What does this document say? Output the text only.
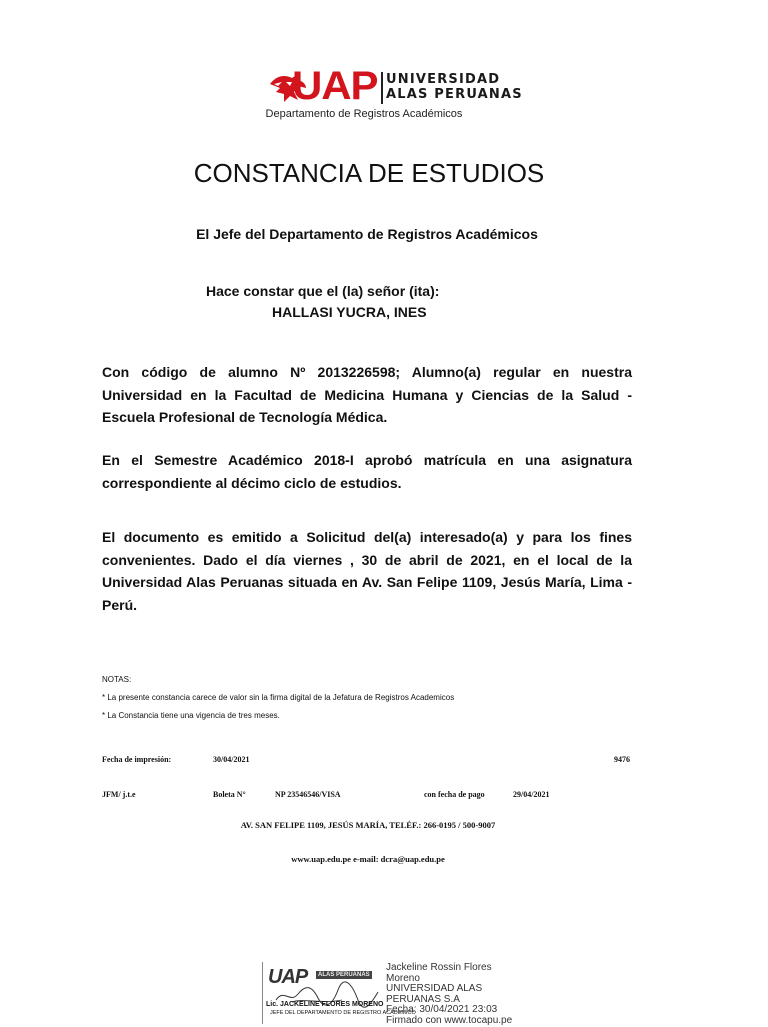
UAP UNIVERSIDAD
ALAS PERUANAS
Departamento de Registros Académicos
CONSTANCIA DE ESTUDIOS
El Jefe del Departamento de Registros Académicos
Hace constar que el (la) señor (ita):
HALLASI YUCRA, INES
Con código de alumno Nº 2013226598; Alumno(a) regular en nuestra Universidad en la Facultad de Medicina Humana y Ciencias de la Salud - Escuela Profesional de Tecnología Médica.
En el Semestre Académico 2018-I aprobó matrícula en una asignatura correspondiente al décimo ciclo de estudios.
El documento es emitido a Solicitud del(a) interesado(a) y para los fines convenientes. Dado el día viernes , 30 de abril de 2021, en el local de la Universidad Alas Peruanas situada en Av. San Felipe 1109, Jesús María, Lima - Perú.
NOTAS:
* La presente constancia carece de valor sin la firma digital de la Jefatura de Registros Academicos
* La Constancia tiene una vigencia de tres meses.
Fecha de impresión:	30/04/2021	9476
JFM/ j.t.e	Boleta N°	NP 23546546/VISA	con fecha de pago	29/04/2021
AV. SAN FELIPE 1109, JESÚS MARÍA, TELÉF.: 266-0195 / 500-9007
www.uap.edu.pe e-mail: dcra@uap.edu.pe
UAP	ALAS PERUANAS
Lic. JACKELINE FLORES MORENO
JEFE DEL DEPARTAMENTO DE REGISTRO ACADEMICO
Jackeline Rossin Flores
Moreno
UNIVERSIDAD ALAS
PERUANAS S.A
Fecha: 30/04/2021 23:03
Firmado con www.tocapu.pe
